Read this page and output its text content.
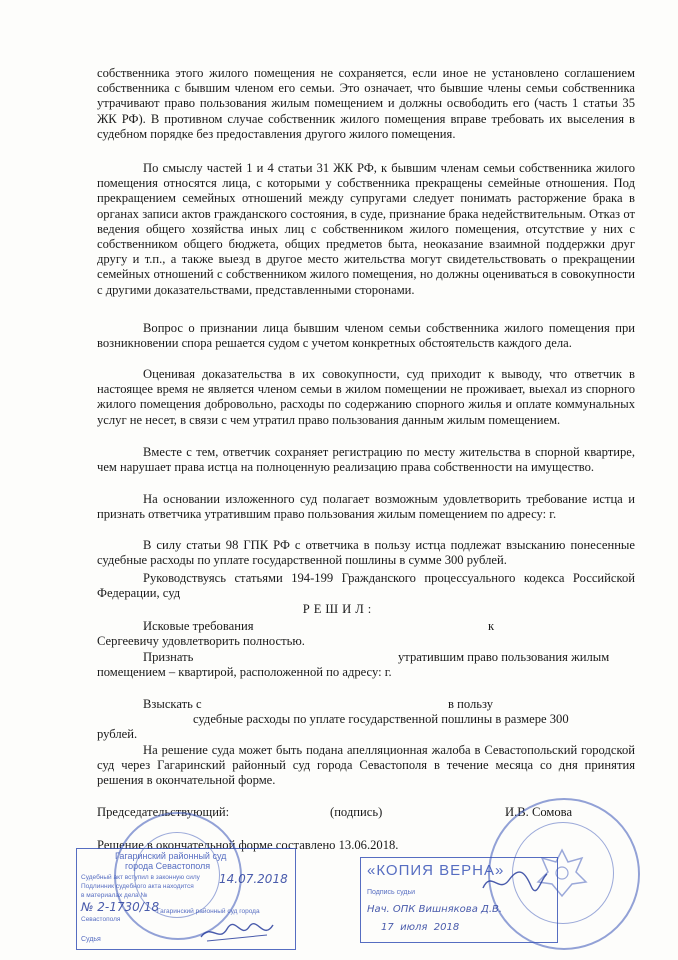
собственника этого жилого помещения не сохраняется, если иное не установлено соглашением собственника с бывшим членом его семьи. Это означает, что бывшие члены семьи собственника утрачивают право пользования жилым помещением и должны освободить его (часть 1 статьи 35 ЖК РФ). В противном случае собственник жилого помещения вправе требовать их выселения в судебном порядке без предоставления другого жилого помещения.
По смыслу частей 1 и 4 статьи 31 ЖК РФ, к бывшим членам семьи собственника жилого помещения относятся лица, с которыми у собственника прекращены семейные отношения. Под прекращением семейных отношений между супругами следует понимать расторжение брака в органах записи актов гражданского состояния, в суде, признание брака недействительным. Отказ от ведения общего хозяйства иных лиц с собственником жилого помещения, отсутствие у них с собственником общего бюджета, общих предметов быта, неоказание взаимной поддержки друг другу и т.п., а также выезд в другое место жительства могут свидетельствовать о прекращении семейных отношений с собственником жилого помещения, но должны оцениваться в совокупности с другими доказательствами, представленными сторонами.
Вопрос о признании лица бывшим членом семьи собственника жилого помещения при возникновении спора решается судом с учетом конкретных обстоятельств каждого дела.
Оценивая доказательства в их совокупности, суд приходит к выводу, что ответчик в настоящее время не является членом семьи в жилом помещении не проживает, выехал из спорного жилого помещения добровольно, расходы по содержанию спорного жилья и оплате коммунальных услуг не несет, в связи с чем утратил право пользования данным жилым помещением.
Вместе с тем, ответчик сохраняет регистрацию по месту жительства в спорной квартире, чем нарушает права истца на полноценную реализацию права собственности на имущество.
На основании изложенного суд полагает возможным удовлетворить требование истца и признать ответчика утратившим право пользования жилым помещением по адресу: г.
В силу статьи 98 ГПК РФ с ответчика в пользу истца подлежат взысканию понесенные судебные расходы по уплате государственной пошлины в сумме 300 рублей.
Руководствуясь статьями 194-199 Гражданского процессуального кодекса Российской Федерации, суд
РЕШИЛ:
Исковые требования	к
Сергеевичу удовлетворить полностью.
Признать	утратившим право пользования жилым
помещением – квартирой, расположенной по адресу: г.
Взыскать с	в пользу
судебные расходы по уплате государственной пошлины в размере 300
рублей.
На решение суда может быть подана апелляционная жалоба в Севастопольский городской суд через Гагаринский районный суд города Севастополя в течение месяца со дня принятия решения в окончательной форме.
Председательствующий:	(подпись)	И.В. Сомова
Решение в окончательной форме составлено 13.06.2018.
Гагаринский районный суд
города Севастополя
Судебный акт вступил в законную силу
Подлинник судебного акта находится
в материалах дела №
№ 2-1730/18
Гагаринский районный суд города
Севастополя
14.07.2018
Судья
«КОПИЯ ВЕРНА»
Подпись судьи
Нач. ОПК Вишнякова Д.В.
17  июля  2018
